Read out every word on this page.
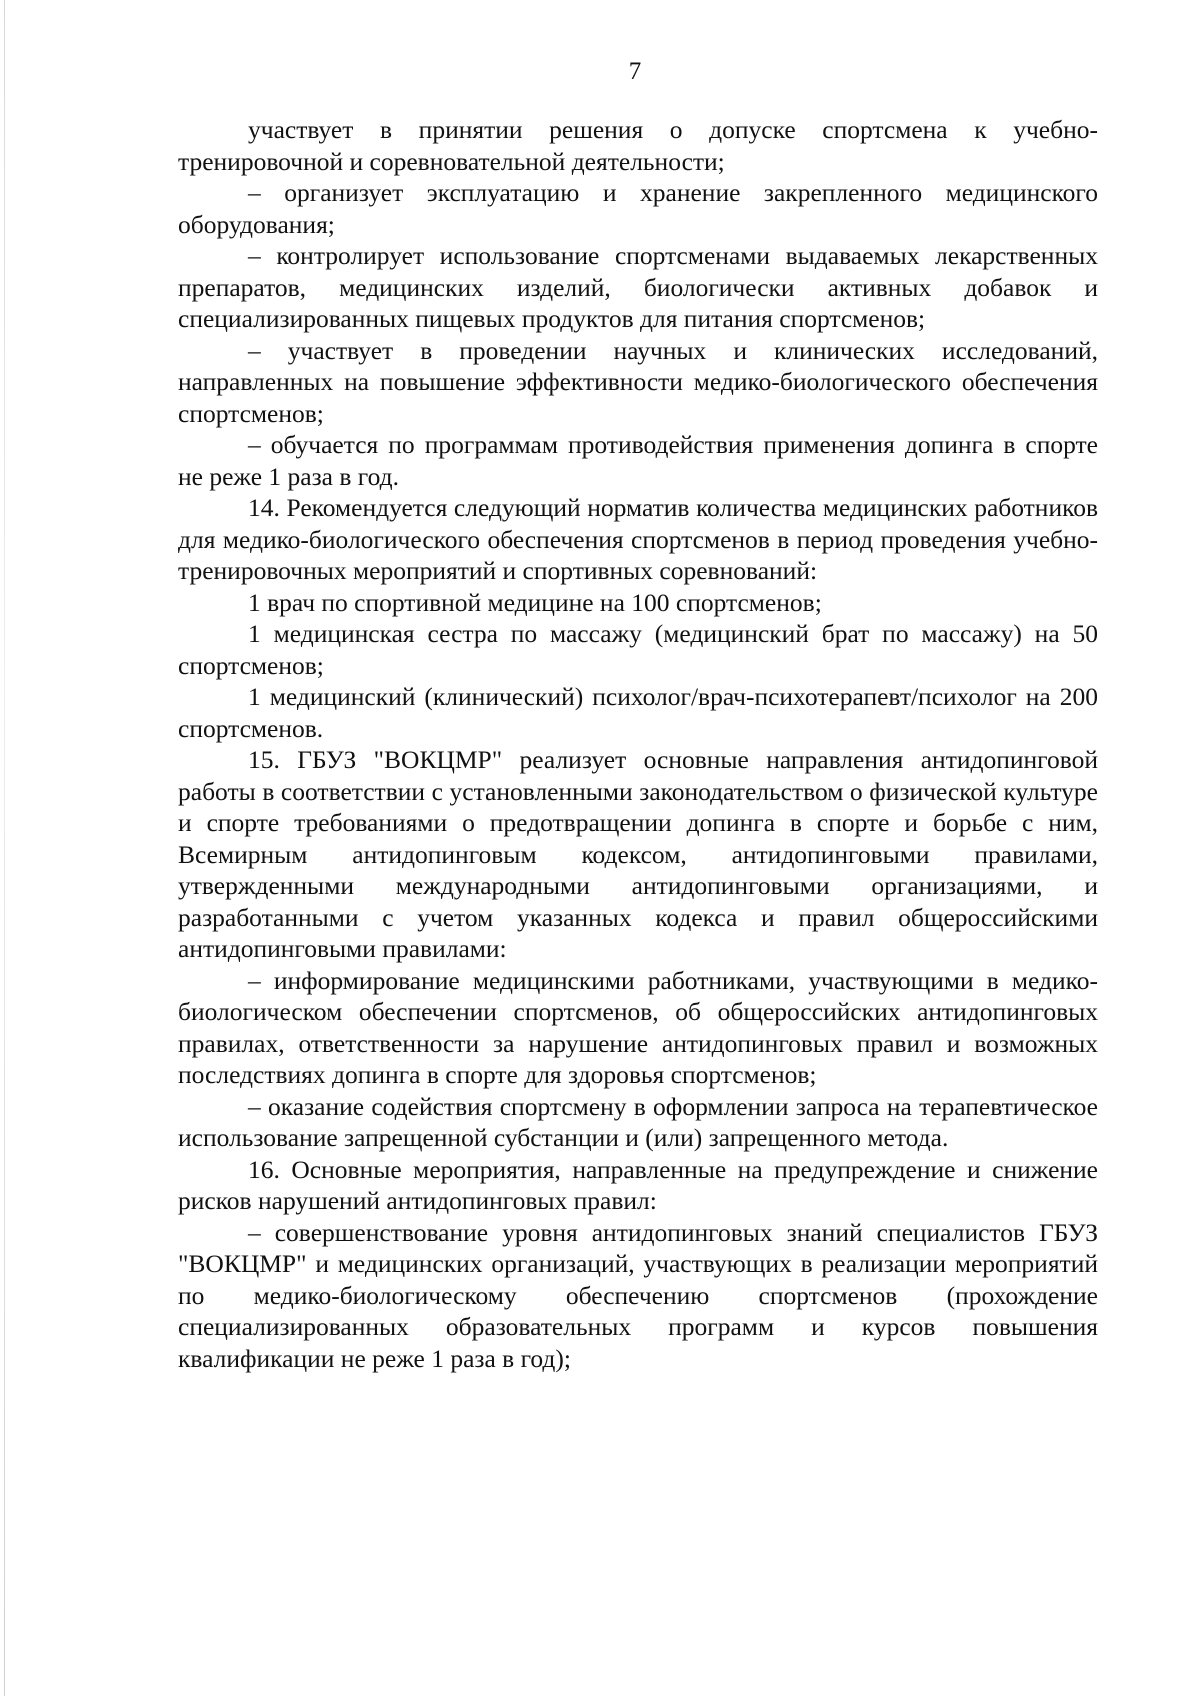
7

участвует в принятии решения о допуске спортсмена к учебно-тренировочной и соревновательной деятельности;

– организует эксплуатацию и хранение закрепленного медицинского оборудования;

– контролирует использование спортсменами выдаваемых лекарственных препаратов, медицинских изделий, биологически активных добавок и специализированных пищевых продуктов для питания спортсменов;

– участвует в проведении научных и клинических исследований, направленных на повышение эффективности медико-биологического обеспечения спортсменов;

– обучается по программам противодействия применения допинга в спорте не реже 1 раза в год.

14. Рекомендуется следующий норматив количества медицинских работников для медико-биологического обеспечения спортсменов в период проведения учебно-тренировочных мероприятий и спортивных соревнований:

1 врач по спортивной медицине на 100 спортсменов;

1 медицинская сестра по массажу (медицинский брат по массажу) на 50 спортсменов;

1 медицинский (клинический) психолог/врач-психотерапевт/психолог на 200 спортсменов.

15. ГБУЗ "ВОКЦМР" реализует основные направления антидопинговой работы в соответствии с установленными законодательством о физической культуре и спорте требованиями о предотвращении допинга в спорте и борьбе с ним, Всемирным антидопинговым кодексом, антидопинговыми правилами, утвержденными международными антидопинговыми организациями, и разработанными с учетом указанных кодекса и правил общероссийскими антидопинговыми правилами:

– информирование медицинскими работниками, участвующими в медико-биологическом обеспечении спортсменов, об общероссийских антидопинговых правилах, ответственности за нарушение антидопинговых правил и возможных последствиях допинга в спорте для здоровья спортсменов;

– оказание содействия спортсмену в оформлении запроса на терапевтическое использование запрещенной субстанции и (или) запрещенного метода.

16. Основные мероприятия, направленные на предупреждение и снижение рисков нарушений антидопинговых правил:

– совершенствование уровня антидопинговых знаний специалистов ГБУЗ "ВОКЦМР" и медицинских организаций, участвующих в реализации мероприятий по медико-биологическому обеспечению спортсменов (прохождение специализированных образовательных программ и курсов повышения квалификации не реже 1 раза в год);
